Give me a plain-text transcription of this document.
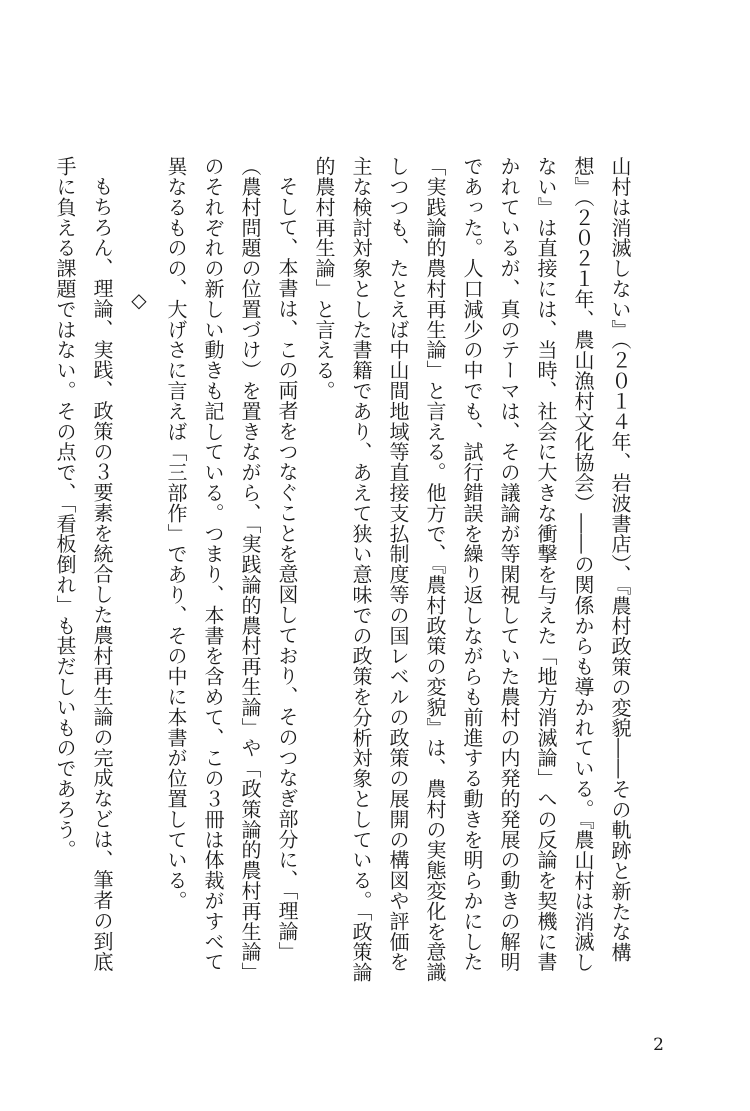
山村は消滅しない』（２０１４年、岩波書店）、『農村政策の変貌――その軌跡と新たな構想』（２０２１年、農山漁村文化協会）――の関係からも導かれている。『農山村は消滅しない』は直接には、当時、社会に大きな衝撃を与えた「地方消滅論」への反論を契機に書かれているが、真のテーマは、その議論が等閑視していた農村の内発的発展の動きの解明であった。人口減少の中でも、試行錯誤を繰り返しながらも前進する動きを明らかにした「実践論的農村再生論」と言える。他方で、『農村政策の変貌』は、農村の実態変化を意識しつつも、たとえば中山間地域等直接支払制度等の国レベルの政策の展開の構図や評価を主な検討対象とした書籍であり、あえて狭い意味での政策を分析対象としている。「政策論的農村再生論」と言える。

そして、本書は、この両者をつなぐことを意図しており、そのつなぎ部分に、「理論」（農村問題の位置づけ）を置きながら、「実践論的農村再生論」や「政策論的農村再生論」のそれぞれの新しい動きも記している。つまり、本書を含めて、この３冊は体裁がすべて異なるものの、大げさに言えば「三部作」であり、その中に本書が位置している。

◇

もちろん、理論、実践、政策の３要素を統合した農村再生論の完成などは、筆者の到底手に負える課題ではない。その点で、「看板倒れ」も甚だしいものであろう。

2
